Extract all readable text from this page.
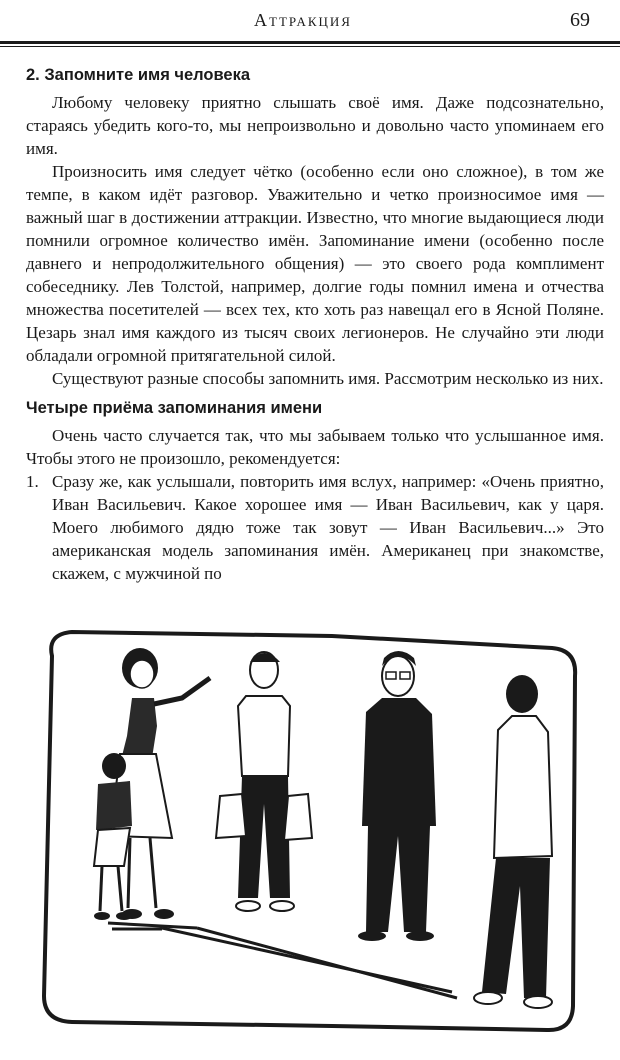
Аттракция	69
2. Запомните имя человека

Любому человеку приятно слышать своё имя. Даже подсознательно, стараясь убедить кого-то, мы непроизвольно и довольно часто упоминаем его имя.

Произносить имя следует чётко (особенно если оно сложное), в том же темпе, в каком идёт разговор. Уважительно и четко произносимое имя — важный шаг в достижении аттракции. Известно, что многие выдающиеся люди помнили огромное количество имён. Запоминание имени (особенно после давнего и непродолжительного общения) — это своего рода комплимент собеседнику. Лев Толстой, например, долгие годы помнил имена и отчества множества посетителей — всех тех, кто хоть раз навещал его в Ясной Поляне. Цезарь знал имя каждого из тысяч своих легионеров. Не случайно эти люди обладали огромной притягательной силой.

Существуют разные способы запомнить имя. Рассмотрим несколько из них.

Четыре приёма запоминания имени

Очень часто случается так, что мы забываем только что услышанное имя. Чтобы этого не произошло, рекомендуется:

1. Сразу же, как услышали, повторить имя вслух, например: «Очень приятно, Иван Васильевич. Какое хорошее имя — Иван Васильевич, как у царя. Моего любимого дядю тоже так зовут — Иван Васильевич...» Это американская модель запоминания имён. Американец при знакомстве, скажем, с мужчиной по
